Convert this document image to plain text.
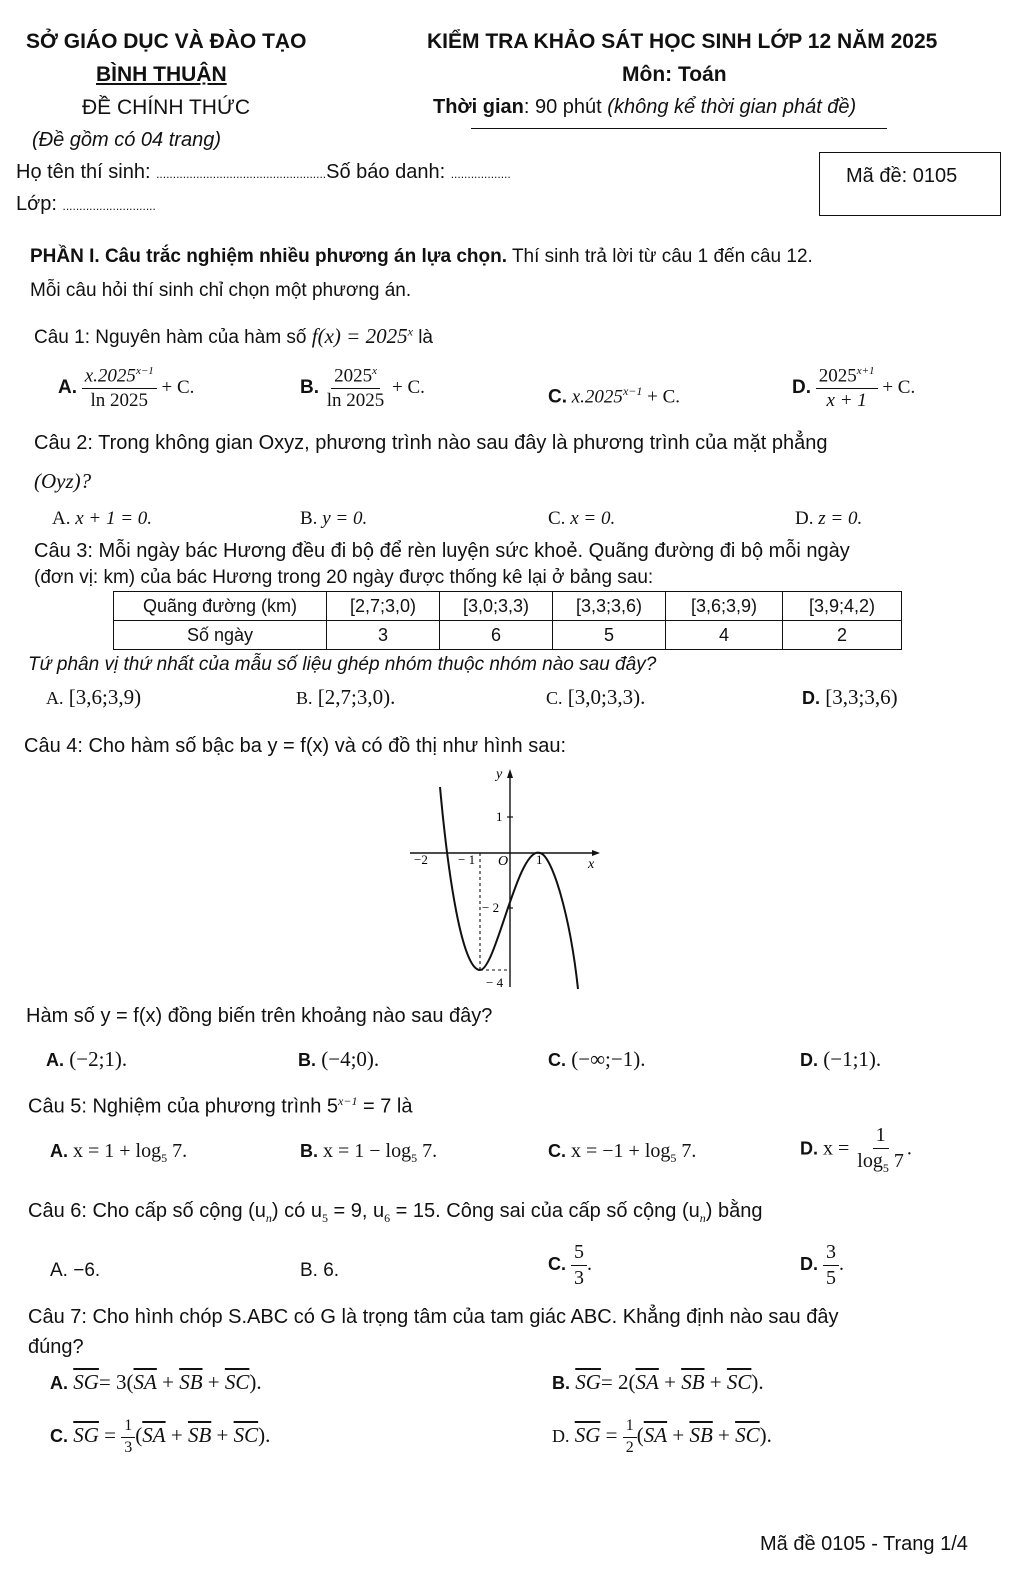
SỞ GIÁO DỤC VÀ ĐÀO TẠO
BÌNH THUẬN
ĐỀ CHÍNH THỨC
(Đề gồm có 04 trang)
KIỂM TRA KHẢO SÁT HỌC SINH LỚP 12 NĂM 2025
Môn: Toán
Thời gian: 90 phút (không kể thời gian phát đề)
Họ tên thí sinh: ...................................................Số báo danh: ..................
Lớp: ............................
Mã đề: 0105
PHẦN I. Câu trắc nghiệm nhiều phương án lựa chọn. Thí sinh trả lời từ câu 1 đến câu 12.
Mỗi câu hỏi thí sinh chỉ chọn một phương án.
Câu 1: Nguyên hàm của hàm số $f(x) = 2025^x$ là
A. $\frac{x.2025^{x-1}}{\ln 2025} + C$.	B. $\frac{2025^x}{\ln 2025} + C$.	C. $x.2025^{x-1} + C$.	D. $\frac{2025^{x+1}}{x + 1} + C$.
Câu 2: Trong không gian Oxyz, phương trình nào sau đây là phương trình của mặt phẳng
(Oyz)?
A. x + 1 = 0.	B. y = 0.	C. x = 0.	D. z = 0.
Câu 3: Mỗi ngày bác Hương đều đi bộ để rèn luyện sức khoẻ. Quãng đường đi bộ mỗi ngày
(đơn vị: km) của bác Hương trong 20 ngày được thống kê lại ở bảng sau:
Quãng đường (km)	[2,7;3,0)	[3,0;3,3)	[3,3;3,6)	[3,6;3,9)	[3,9;4,2)
Số ngày	3	6	5	4	2
Tứ phân vị thứ nhất của mẫu số liệu ghép nhóm thuộc nhóm nào sau đây?
A. [3,6;3,9)	B. [2,7;3,0).	C. [3,0;3,3).	D. [3,3;3,6)
Câu 4: Cho hàm số bậc ba y = f(x) và có đồ thị như hình sau:
y
x
1
O
−2 − 1	1
− 2
− 4
Hàm số y = f(x) đồng biến trên khoảng nào sau đây?
A. (−2;1).	B. (−4;0).	C. (−∞;−1).	D. (−1;1).
Câu 5: Nghiệm của phương trình $5^{x-1} = 7$ là
A. $x = 1 + \log_5 7$.	B. $x = 1 - \log_5 7$.	C. $x = -1 + \log_5 7$.	D. $x = \frac{1}{\log_5 7}$ .
Câu 6: Cho cấp số cộng $(u_n)$ có $u_5 = 9$, $u_6 = 15$. Công sai của cấp số cộng $(u_n)$ bằng
A. −6.	B. 6.	C. $\frac{5}{3}$ .	D. $\frac{3}{5}$ .
Câu 7: Cho hình chóp S.ABC có G là trọng tâm của tam giác ABC. Khẳng định nào sau đây
đúng?
A. $\overline{SG}= 3(\overline{SA} + \overline{SB} + \overline{SC})$.	B. $\overline{SG}= 2(\overline{SA} + \overline{SB} + \overline{SC})$.
C. $\overline{SG} = \frac{1}{3} (\overline{SA} + \overline{SB} + \overline{SC})$.	D. $\overline{SG} = \frac{1}{2} (\overline{SA} + \overline{SB} + \overline{SC})$.
Mã đề 0105 - Trang 1/4
